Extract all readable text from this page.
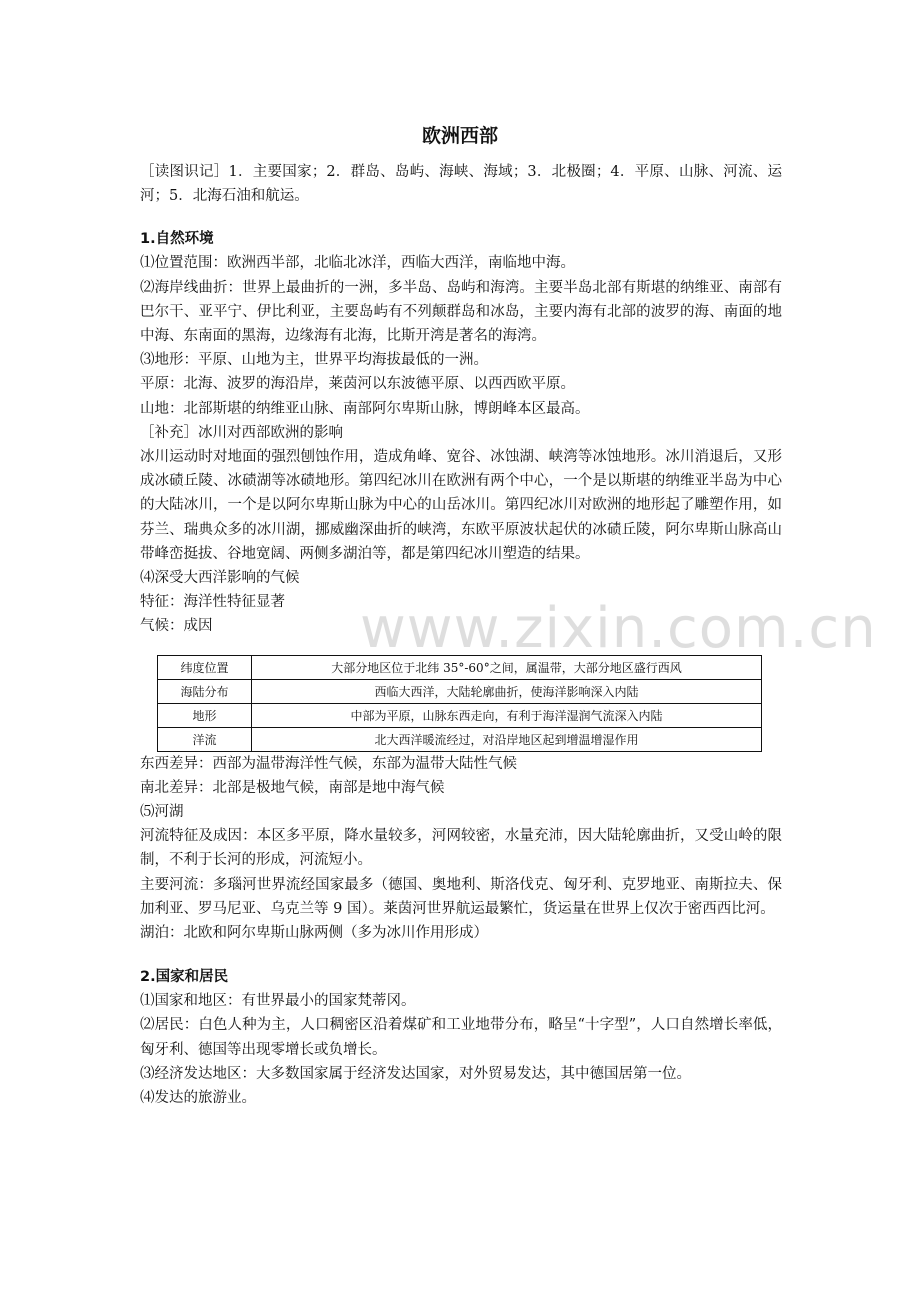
欧洲西部

［读图识记］1．主要国家；2．群岛、岛屿、海峡、海域；3．北极圈；4．平原、山脉、河流、运河；5．北海石油和航运。

1.自然环境

⑴位置范围：欧洲西半部，北临北冰洋，西临大西洋，南临地中海。

⑵海岸线曲折：世界上最曲折的一洲，多半岛、岛屿和海湾。主要半岛北部有斯堪的纳维亚、南部有巴尔干、亚平宁、伊比利亚，主要岛屿有不列颠群岛和冰岛，主要内海有北部的波罗的海、南面的地中海、东南面的黑海，边缘海有北海，比斯开湾是著名的海湾。

⑶地形：平原、山地为主，世界平均海拔最低的一洲。

平原：北海、波罗的海沿岸，莱茵河以东波德平原、以西西欧平原。

山地：北部斯堪的纳维亚山脉、南部阿尔卑斯山脉，博朗峰本区最高。

［补充］冰川对西部欧洲的影响

冰川运动时对地面的强烈刨蚀作用，造成角峰、宽谷、冰蚀湖、峡湾等冰蚀地形。冰川消退后，又形成冰碛丘陵、冰碛湖等冰碛地形。第四纪冰川在欧洲有两个中心，一个是以斯堪的纳维亚半岛为中心的大陆冰川，一个是以阿尔卑斯山脉为中心的山岳冰川。第四纪冰川对欧洲的地形起了雕塑作用，如芬兰、瑞典众多的冰川湖，挪威幽深曲折的峡湾，东欧平原波状起伏的冰碛丘陵，阿尔卑斯山脉高山带峰峦挺拔、谷地宽阔、两侧多湖泊等，都是第四纪冰川塑造的结果。

⑷深受大西洋影响的气候

特征：海洋性特征显著

气候：成因

纬度位置	大部分地区位于北纬 35°-60°之间，属温带，大部分地区盛行西风
海陆分布	西临大西洋，大陆轮廓曲折，使海洋影响深入内陆
地形	中部为平原，山脉东西走向，有利于海洋湿润气流深入内陆
洋流	北大西洋暖流经过，对沿岸地区起到增温增湿作用

东西差异：西部为温带海洋性气候，东部为温带大陆性气候

南北差异：北部是极地气候，南部是地中海气候

⑸河湖

河流特征及成因：本区多平原，降水量较多，河网较密，水量充沛，因大陆轮廓曲折，又受山岭的限制，不利于长河的形成，河流短小。

主要河流：多瑙河世界流经国家最多（德国、奥地利、斯洛伐克、匈牙利、克罗地亚、南斯拉夫、保加利亚、罗马尼亚、乌克兰等 9 国）。莱茵河世界航运最繁忙，货运量在世界上仅次于密西西比河。

湖泊：北欧和阿尔卑斯山脉两侧（多为冰川作用形成）

2.国家和居民

⑴国家和地区：有世界最小的国家梵蒂冈。

⑵居民：白色人种为主，人口稠密区沿着煤矿和工业地带分布，略呈“十字型”，人口自然增长率低，匈牙利、德国等出现零增长或负增长。

⑶经济发达地区：大多数国家属于经济发达国家，对外贸易发达，其中德国居第一位。

⑷发达的旅游业。

www.zixin.com.cn
